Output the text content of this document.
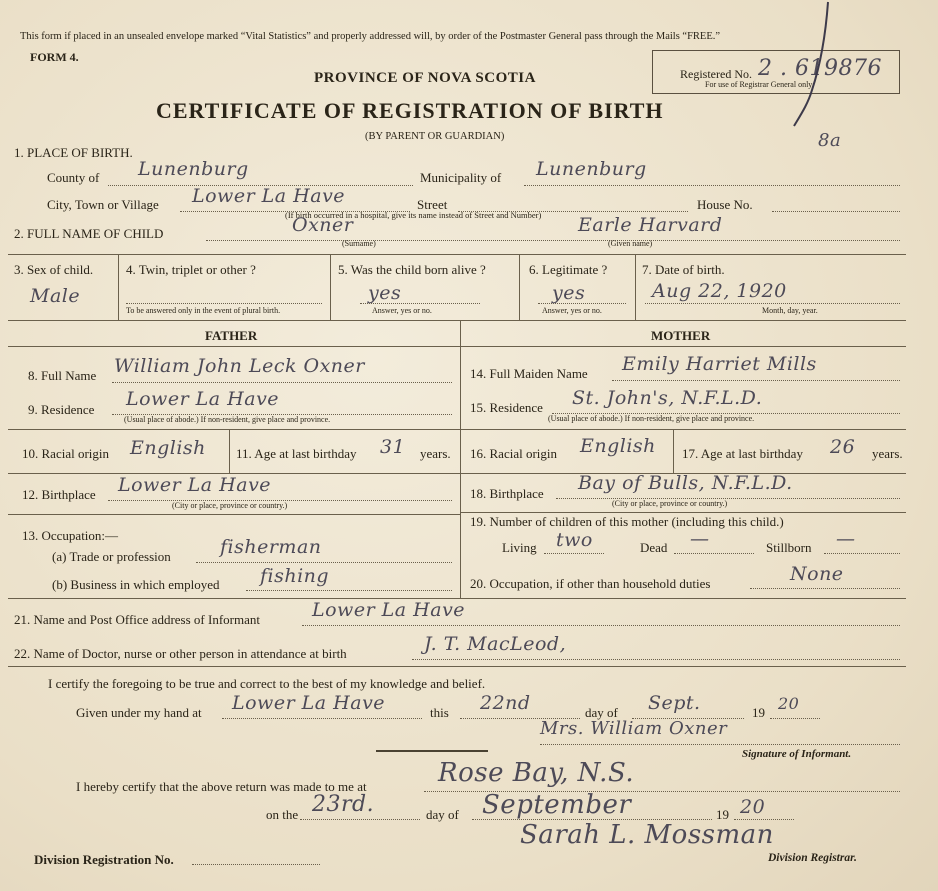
This form if placed in an unsealed envelope marked “Vital Statistics” and properly addressed will, by order of the Postmaster General pass through the Mails “FREE.”
FORM 4.
PROVINCE OF NOVA SCOTIA
CERTIFICATE OF REGISTRATION OF BIRTH
(BY PARENT OR GUARDIAN)
Registered No. 2 . 619876
For use of Registrar General only.
8a
1. PLACE OF BIRTH.
County of Lunenburg	Municipality of Lunenburg
City, Town or Village Lower La Have	Street	House No.
(If birth occurred in a hospital, give its name instead of Street and Number)
2. FULL NAME OF CHILD	Oxner
(Surname)
Earle Harvard
(Given name)
3. Sex of child.
Male
4. Twin, triplet or other ?
To be answered only in the event of plural birth.
5. Was the child born alive ?
yes
Answer, yes or no.
6. Legitimate ?
yes
Answer, yes or no.
7. Date of birth.
Aug 22, 1920
Month, day, year.
FATHER	MOTHER
8. Full Name William John Leck Oxner
9. Residence Lower La Have
(Usual place of abode.) If non-resident, give place and province.
10. Racial origin English 11. Age at last birthday 31 years.
12. Birthplace Lower La Have
(City or place, province or country.)
13. Occupation:—
(a) Trade or profession	fisherman
(b) Business in which employed fishing
14. Full Maiden Name Emily Harriet Mills
15. Residence St. John's, N.F.L.D.
(Usual place of abode.) If non-resident, give place and province.
16. Racial origin English 17. Age at last birthday 26 years.
18. Birthplace Bay of Bulls, N.F.L.D.
(City or place, province or country.)
19. Number of children of this mother (including this child.)
Living two	Dead —	Stillborn —
20. Occupation, if other than household duties	None
21. Name and Post Office address of Informant	Lower La Have
22. Name of Doctor, nurse or other person in attendance at birth	J. T. MacLeod,
I certify the foregoing to be true and correct to the best of my knowledge and belief.
Given under my hand at Lower La Have	this 22nd	day of Sept.	19 20
Mrs. William Oxner
Signature of Informant.
I hereby certify that the above return was made to me at	Rose Bay, N.S.
on the 23rd.	day of September	19 20
Sarah L. Mossman
Division Registration No.	Division Registrar.
